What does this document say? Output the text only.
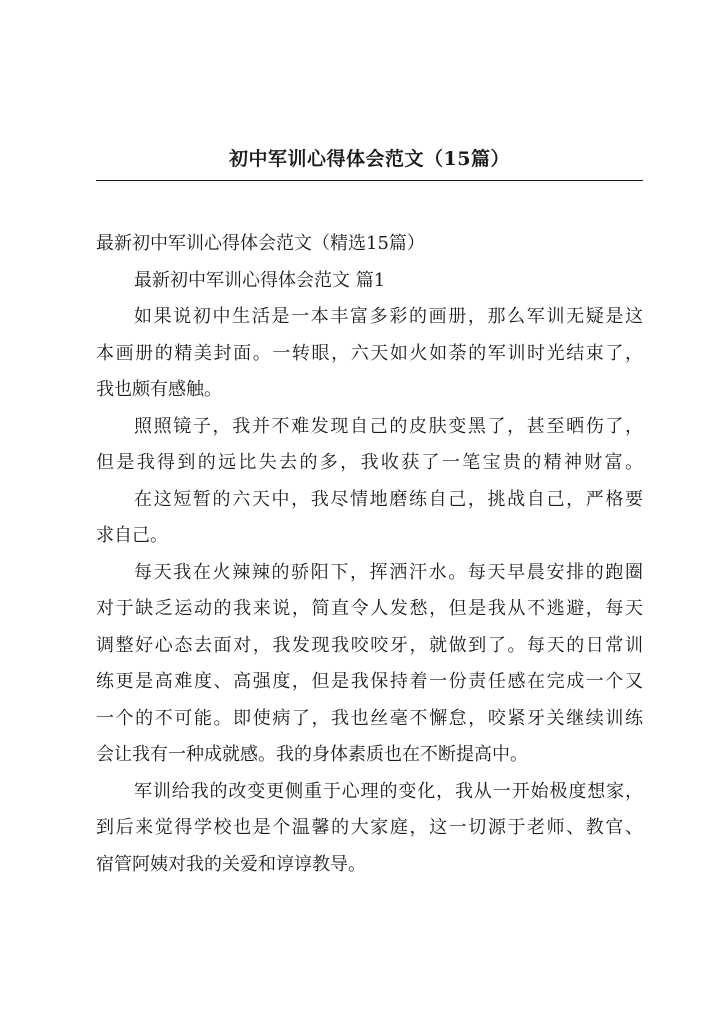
初中军训心得体会范文（15篇）
最新初中军训心得体会范文（精选15篇）
最新初中军训心得体会范文 篇1
如果说初中生活是一本丰富多彩的画册，那么军训无疑是这
本画册的精美封面。一转眼，六天如火如荼的军训时光结束了，
我也颇有感触。
照照镜子，我并不难发现自己的皮肤变黑了，甚至晒伤了，
但是我得到的远比失去的多，我收获了一笔宝贵的精神财富。
在这短暂的六天中，我尽情地磨练自己，挑战自己，严格要
求自己。
每天我在火辣辣的骄阳下，挥洒汗水。每天早晨安排的跑圈
对于缺乏运动的我来说，简直令人发愁，但是我从不逃避，每天
调整好心态去面对，我发现我咬咬牙，就做到了。每天的日常训
练更是高难度、高强度，但是我保持着一份责任感在完成一个又
一个的不可能。即使病了，我也丝毫不懈怠，咬紧牙关继续训练
会让我有一种成就感。我的身体素质也在不断提高中。
军训给我的改变更侧重于心理的变化，我从一开始极度想家，
到后来觉得学校也是个温馨的大家庭，这一切源于老师、教官、
宿管阿姨对我的关爱和谆谆教导。
